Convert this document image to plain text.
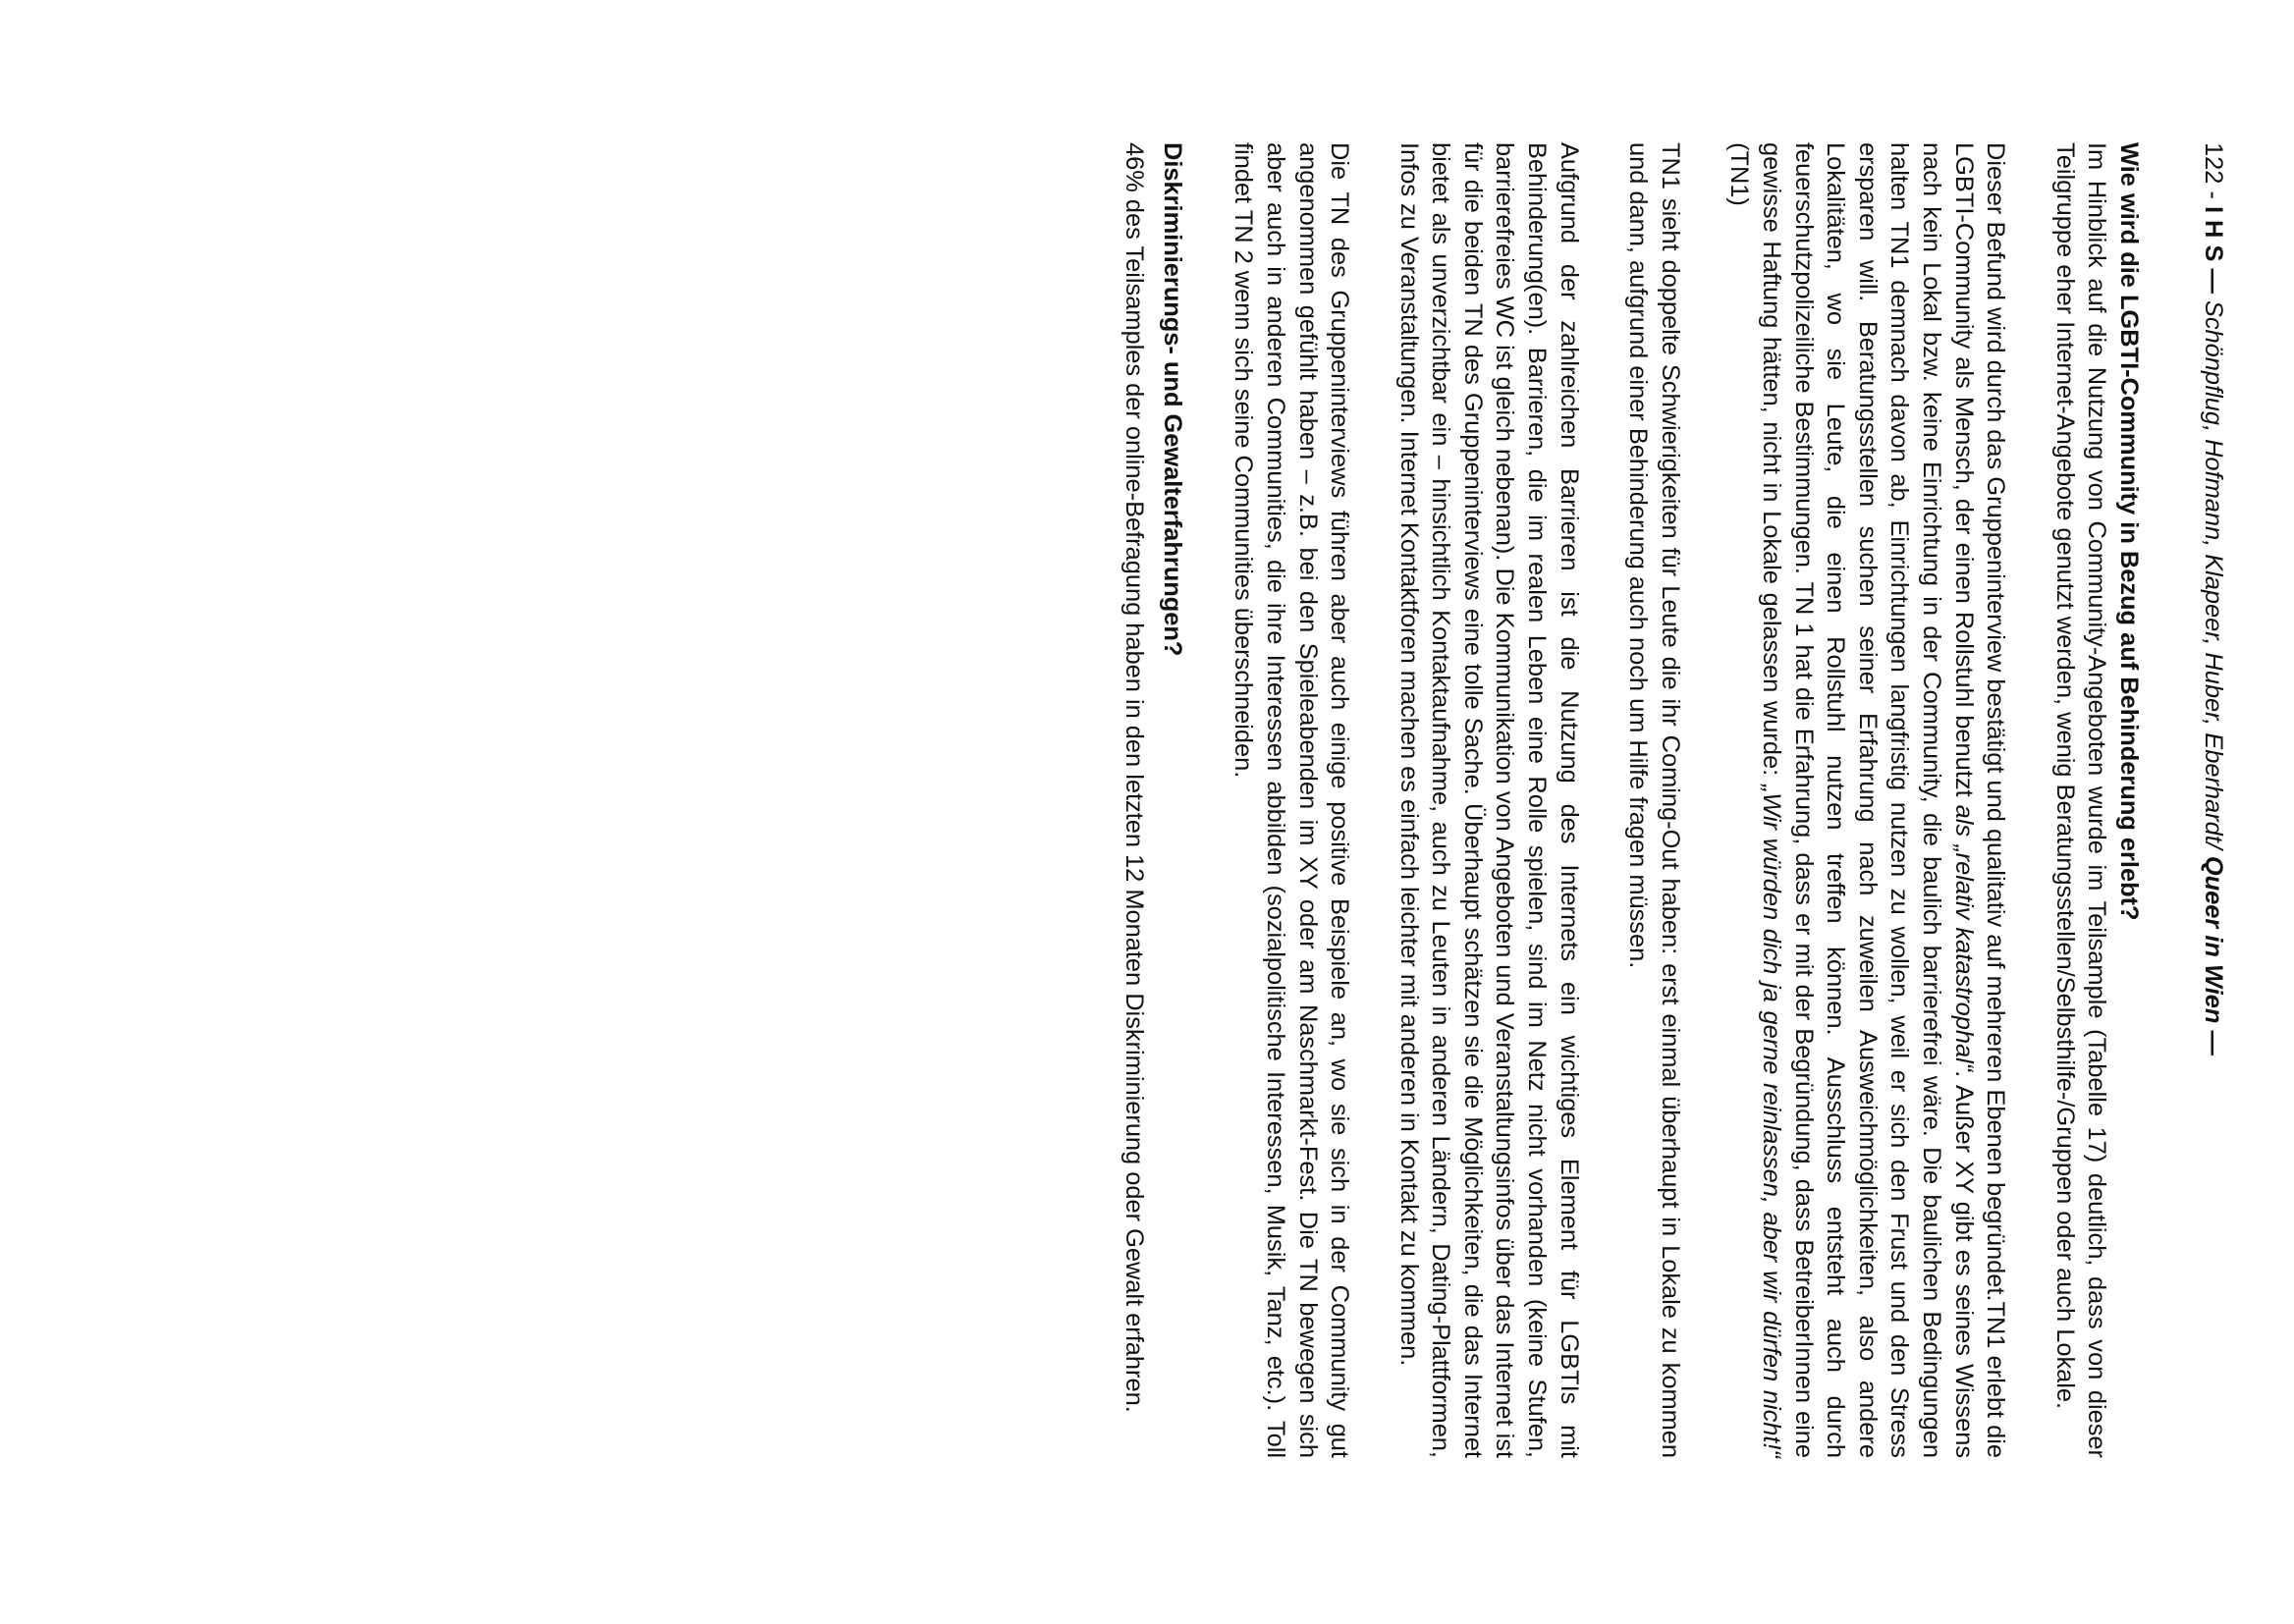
122 - I H S — Schönpflug, Hofmann, Klapeer, Huber, Eberhardt/ Queer in Wien —
Wie wird die LGBTI-Community in Bezug auf Behinderung erlebt?

Im Hinblick auf die Nutzung von Community-Angeboten wurde im Teilsample (Tabelle 17) deutlich, dass von dieser Teilgruppe eher Internet-Angebote genutzt werden, wenig Beratungsstellen/Selbsthilfe-/Gruppen oder auch Lokale.

Dieser Befund wird durch das Gruppeninterview bestätigt und qualitativ auf mehreren Ebenen begründet.TN1 erlebt die LGBTI-Community als Mensch, der einen Rollstuhl benutzt als „relativ katastrophal“. Außer XY gibt es seines Wissens nach kein Lokal bzw. keine Einrichtung in der Community, die baulich barrierefrei wäre. Die baulichen Bedingungen halten TN1 demnach davon ab, Einrichtungen langfristig nutzen zu wollen, weil er sich den Frust und den Stress ersparen will. Beratungsstellen suchen seiner Erfahrung nach zuweilen Ausweichmöglichkeiten, also andere Lokalitäten, wo sie Leute, die einen Rollstuhl nutzen treffen können. Ausschluss entsteht auch durch feuerschutzpolizeiliche Bestimmungen. TN 1 hat die Erfahrung, dass er mit der Begründung, dass BetreiberInnen eine gewisse Haftung hätten, nicht in Lokale gelassen wurde: „Wir würden dich ja gerne reinlassen, aber wir dürfen nicht!“ (TN1)

TN1 sieht doppelte Schwierigkeiten für Leute die ihr Coming-Out haben: erst einmal überhaupt in Lokale zu kommen und dann, aufgrund einer Behinderung auch noch um Hilfe fragen müssen.

Aufgrund der zahlreichen Barrieren ist die Nutzung des Internets ein wichtiges Element für LGBTIs mit Behinderung(en). Barrieren, die im realen Leben eine Rolle spielen, sind im Netz nicht vorhanden (keine Stufen, barrierefreies WC ist gleich nebenan). Die Kommunikation von Angeboten und Veranstaltungsinfos über das Internet ist für die beiden TN des Gruppeninterviews eine tolle Sache. Überhaupt schätzen sie die Möglichkeiten, die das Internet bietet als unverzichtbar ein – hinsichtlich Kontaktaufnahme, auch zu Leuten in anderen Ländern, Dating-Plattformen, Infos zu Veranstaltungen. Internet Kontaktforen machen es einfach leichter mit anderen in Kontakt zu kommen.

Die TN des Gruppeninterviews führen aber auch einige positive Beispiele an, wo sie sich in der Community gut angenommen gefühlt haben – z.B. bei den Spieleabenden im XY oder am Naschmarkt-Fest. Die TN bewegen sich aber auch in anderen Communities, die ihre Interessen abbilden (sozialpolitische Interessen, Musik, Tanz, etc.). Toll findet TN 2 wenn sich seine Communities überschneiden.

Diskriminierungs- und Gewalterfahrungen?

46% des Teilsamples der online-Befragung haben in den letzten 12 Monaten Diskriminierung oder Gewalt erfahren.
